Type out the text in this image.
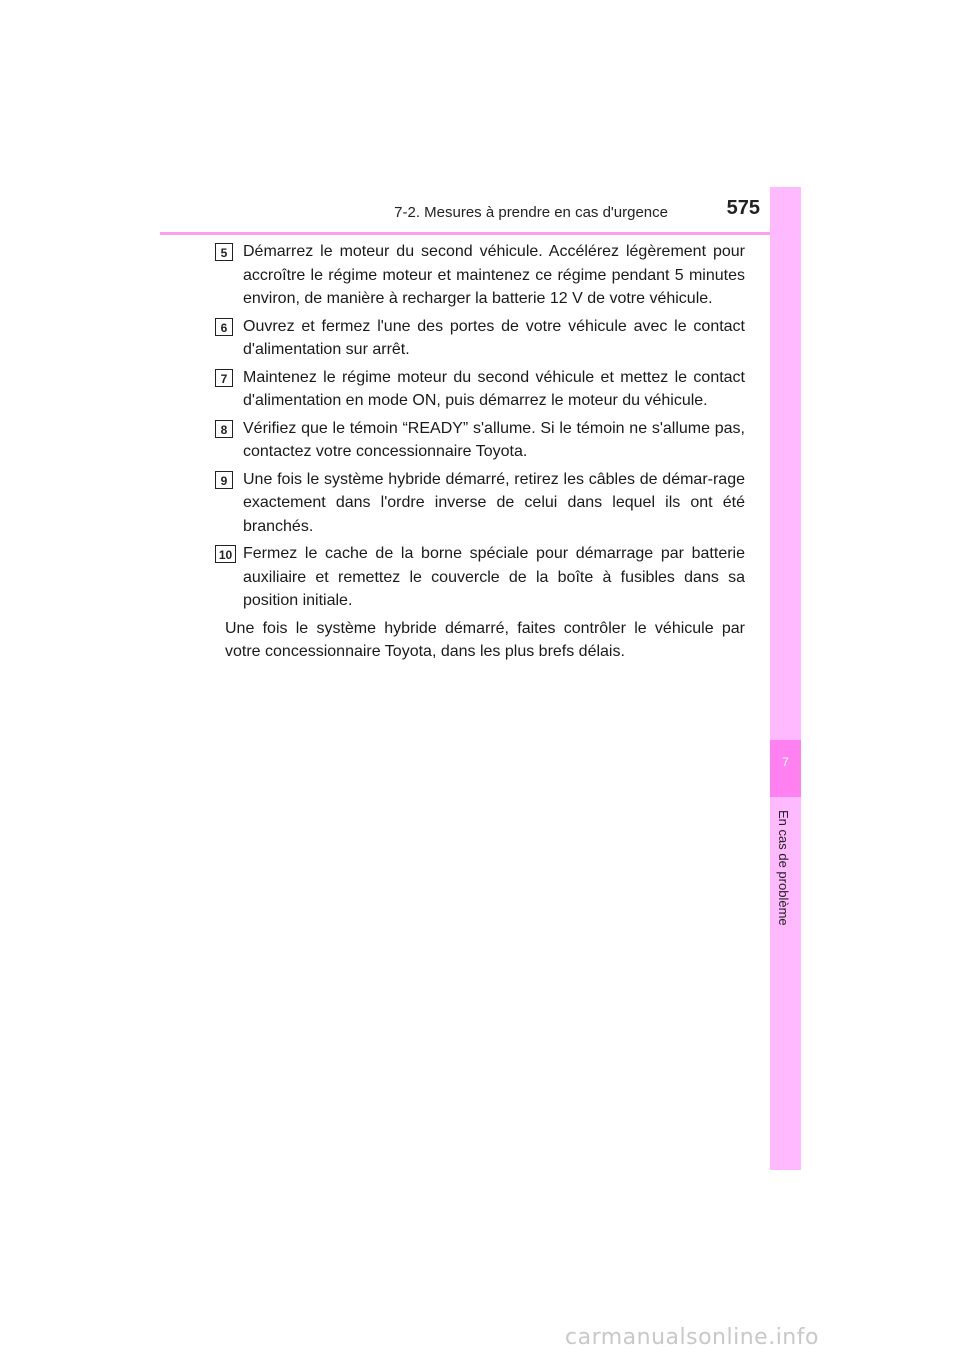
7-2. Mesures à prendre en cas d'urgence	575
7
En cas de problème
5 Démarrez le moteur du second véhicule. Accélérez légèrement pour accroître le régime moteur et maintenez ce régime pendant 5 minutes environ, de manière à recharger la batterie 12 V de votre véhicule.
6 Ouvrez et fermez l'une des portes de votre véhicule avec le contact d'alimentation sur arrêt.
7 Maintenez le régime moteur du second véhicule et mettez le contact d'alimentation en mode ON, puis démarrez le moteur du véhicule.
8 Vérifiez que le témoin “READY” s'allume. Si le témoin ne s'allume pas, contactez votre concessionnaire Toyota.
9 Une fois le système hybride démarré, retirez les câbles de démar-rage exactement dans l'ordre inverse de celui dans lequel ils ont été branchés.
10 Fermez le cache de la borne spéciale pour démarrage par batterie auxiliaire et remettez le couvercle de la boîte à fusibles dans sa position initiale.
Une fois le système hybride démarré, faites contrôler le véhicule par votre concessionnaire Toyota, dans les plus brefs délais.
carmanualsonline.info
